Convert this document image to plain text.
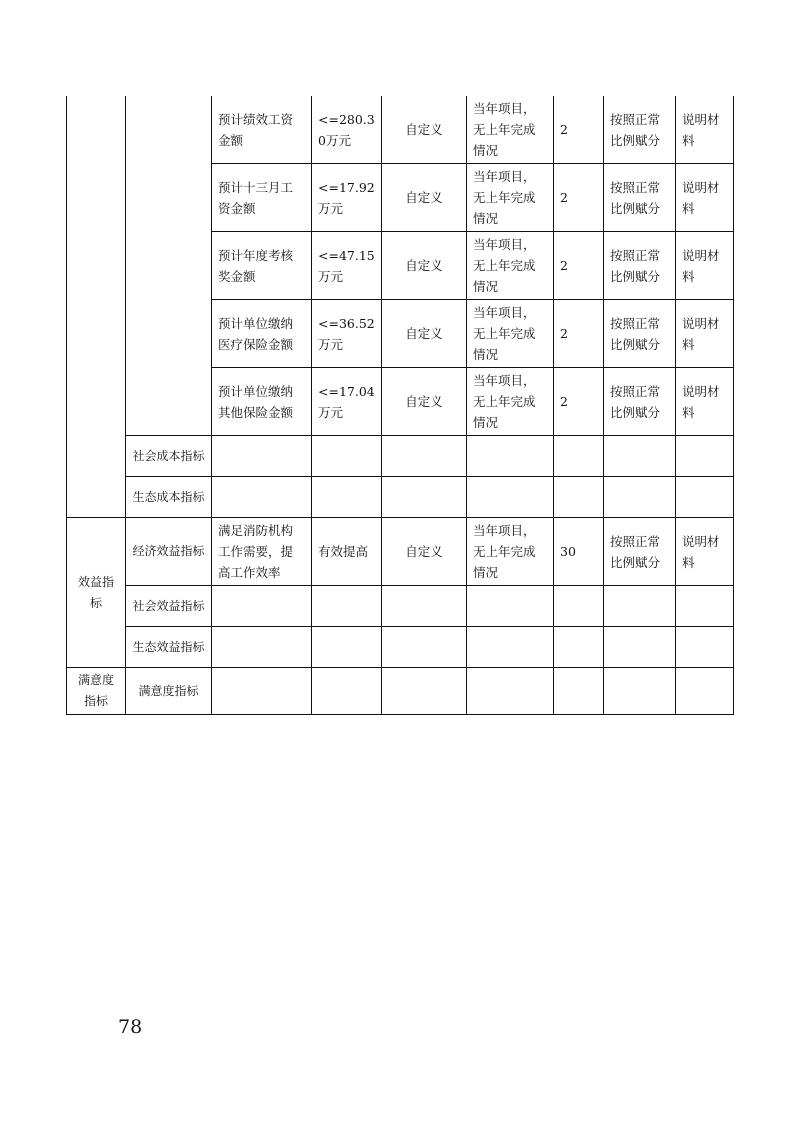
		预计绩效工资金额	<=280.30万元	自定义	当年项目，无上年完成情况	2	按照正常比例赋分	说明材料
		预计十三月工资金额	<=17.92万元	自定义	当年项目，无上年完成情况	2	按照正常比例赋分	说明材料
		预计年度考核奖金额	<=47.15万元	自定义	当年项目，无上年完成情况	2	按照正常比例赋分	说明材料
		预计单位缴纳医疗保险金额	<=36.52万元	自定义	当年项目，无上年完成情况	2	按照正常比例赋分	说明材料
		预计单位缴纳其他保险金额	<=17.04万元	自定义	当年项目，无上年完成情况	2	按照正常比例赋分	说明材料
	社会成本指标							
	生态成本指标							
效益指标	经济效益指标	满足消防机构工作需要，提高工作效率	有效提高	自定义	当年项目，无上年完成情况	30	按照正常比例赋分	说明材料
	社会效益指标							
	生态效益指标							
满意度指标	满意度指标							
78
